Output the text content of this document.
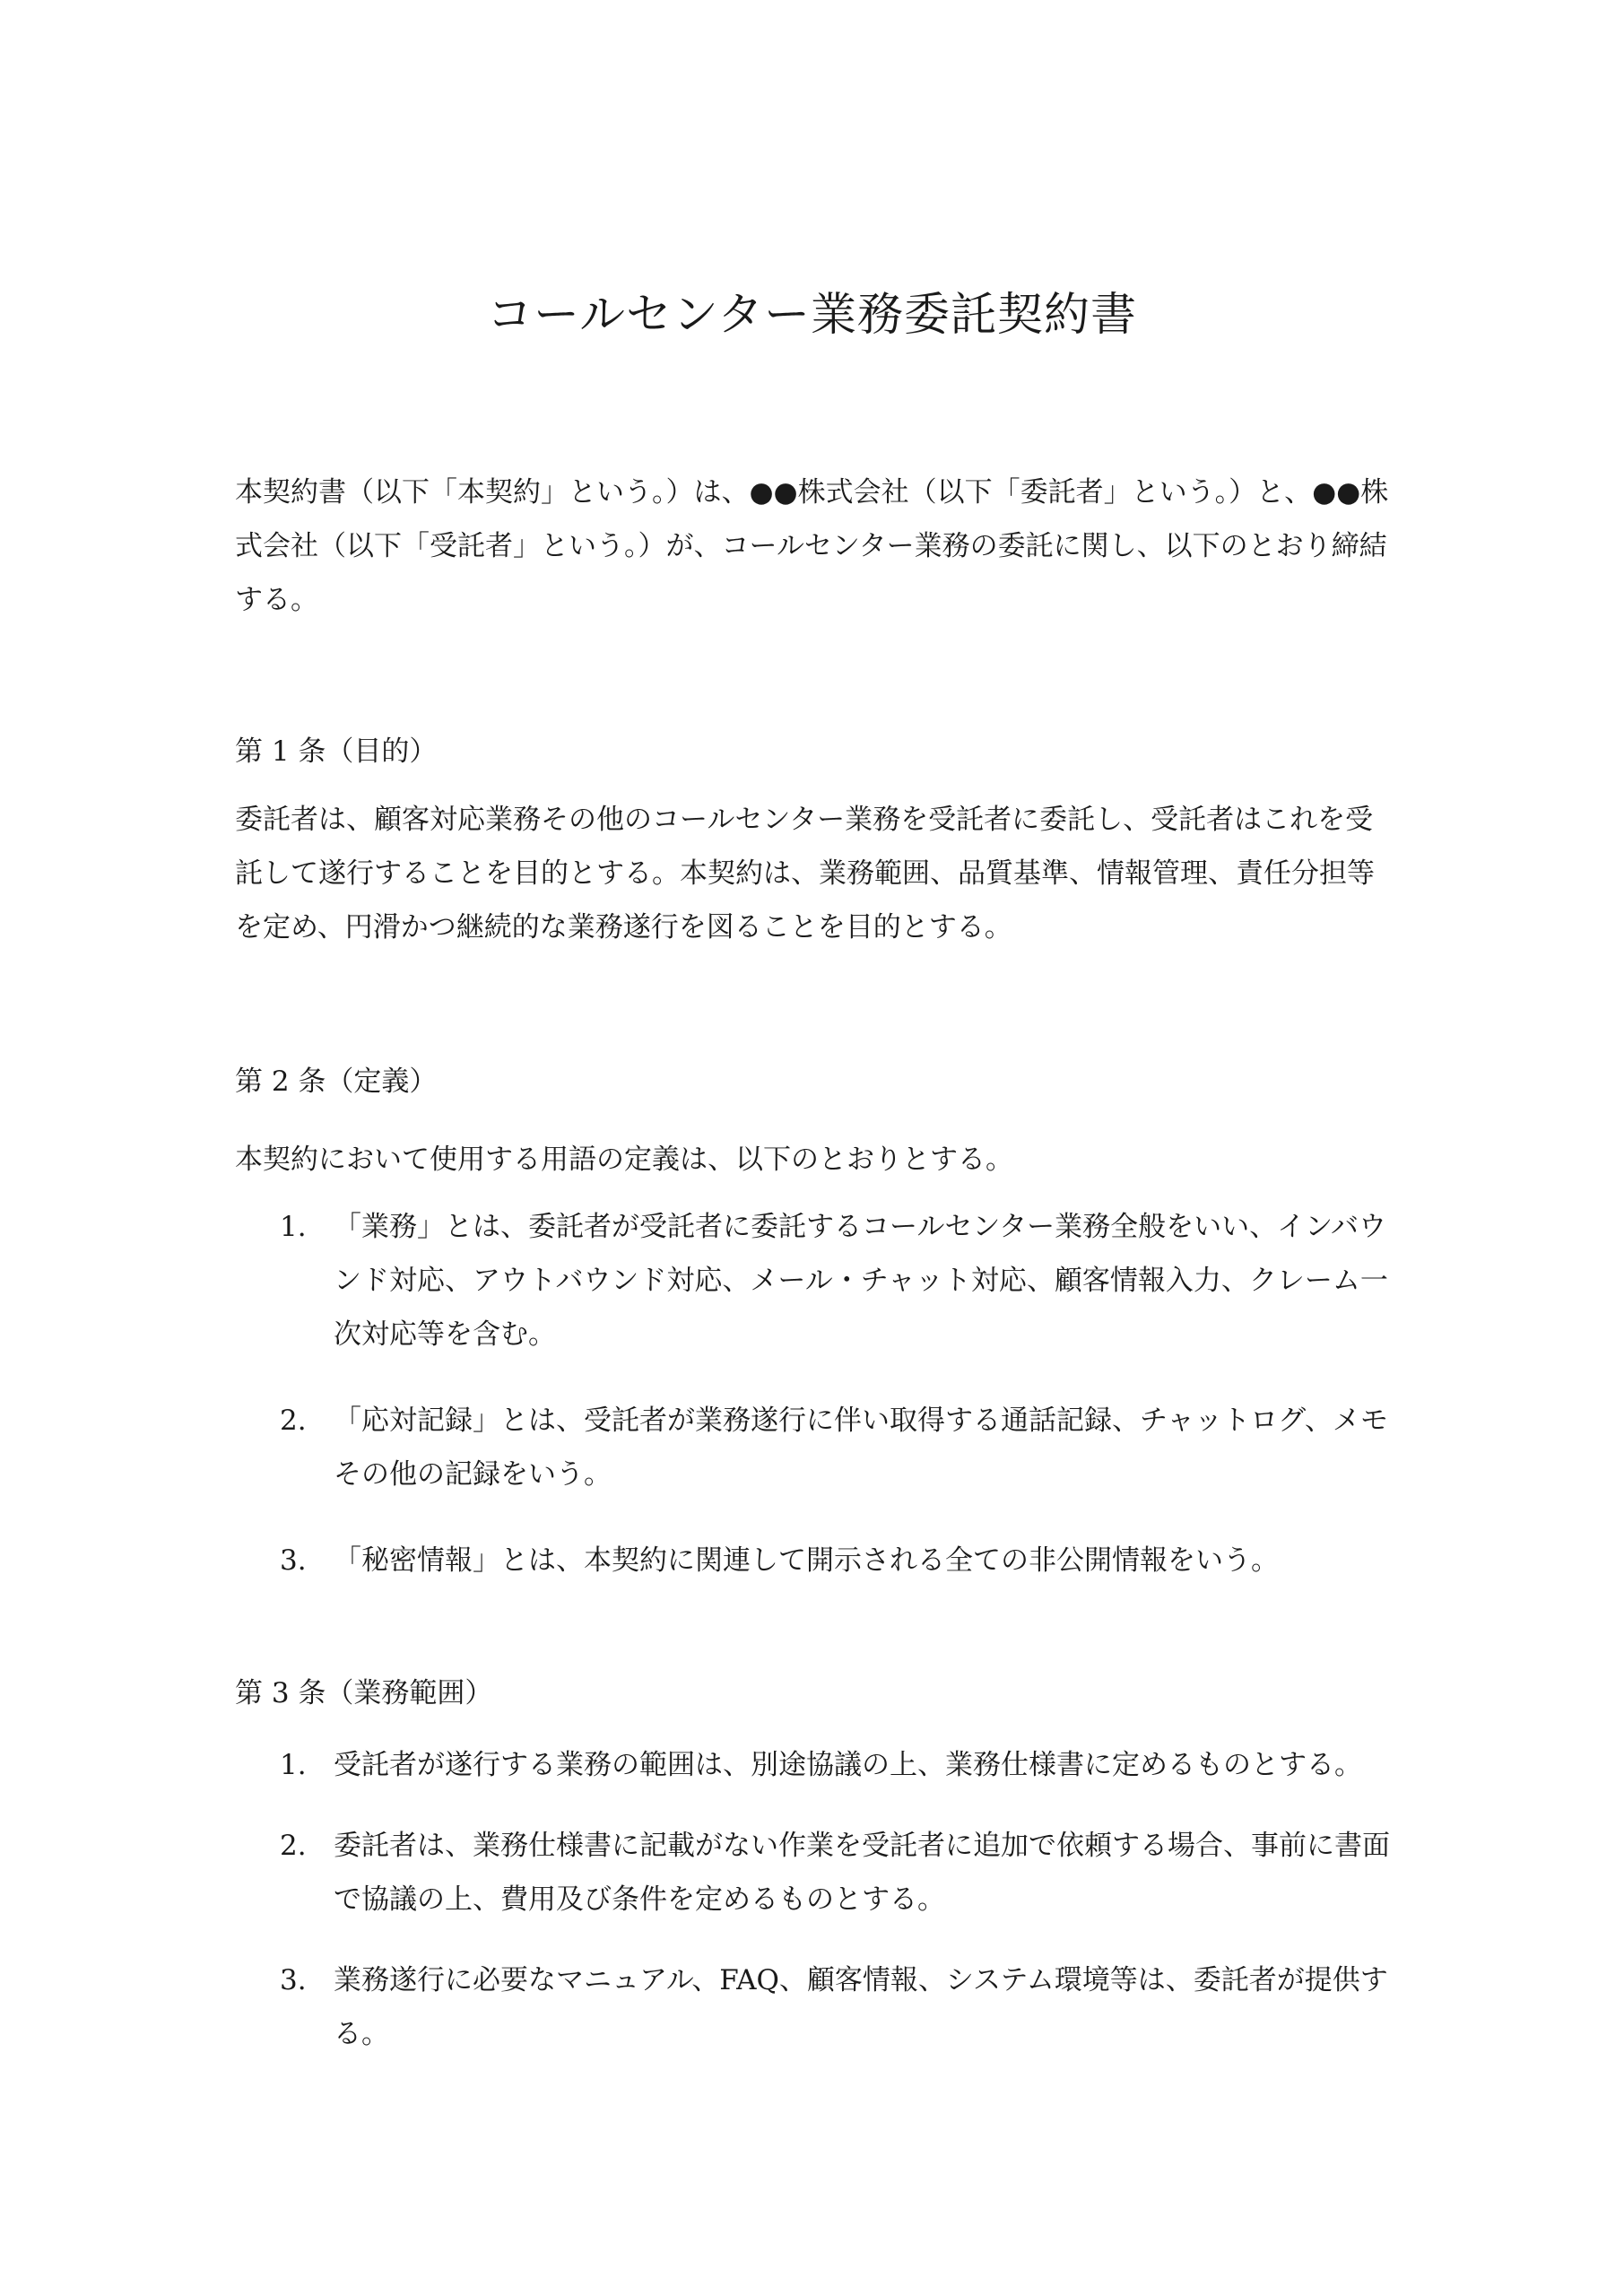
コールセンター業務委託契約書

本契約書（以下「本契約」という。）は、●●株式会社（以下「委託者」という。）と、●●株式会社（以下「受託者」という。）が、コールセンター業務の委託に関し、以下のとおり締結する。

第 1 条（目的）

委託者は、顧客対応業務その他のコールセンター業務を受託者に委託し、受託者はこれを受託して遂行することを目的とする。本契約は、業務範囲、品質基準、情報管理、責任分担等を定め、円滑かつ継続的な業務遂行を図ることを目的とする。

第 2 条（定義）

本契約において使用する用語の定義は、以下のとおりとする。

1. 「業務」とは、委託者が受託者に委託するコールセンター業務全般をいい、インバウンド対応、アウトバウンド対応、メール・チャット対応、顧客情報入力、クレーム一次対応等を含む。
2. 「応対記録」とは、受託者が業務遂行に伴い取得する通話記録、チャットログ、メモその他の記録をいう。
3. 「秘密情報」とは、本契約に関連して開示される全ての非公開情報をいう。

第 3 条（業務範囲）

1. 受託者が遂行する業務の範囲は、別途協議の上、業務仕様書に定めるものとする。
2. 委託者は、業務仕様書に記載がない作業を受託者に追加で依頼する場合、事前に書面で協議の上、費用及び条件を定めるものとする。
3. 業務遂行に必要なマニュアル、FAQ、顧客情報、システム環境等は、委託者が提供する。
